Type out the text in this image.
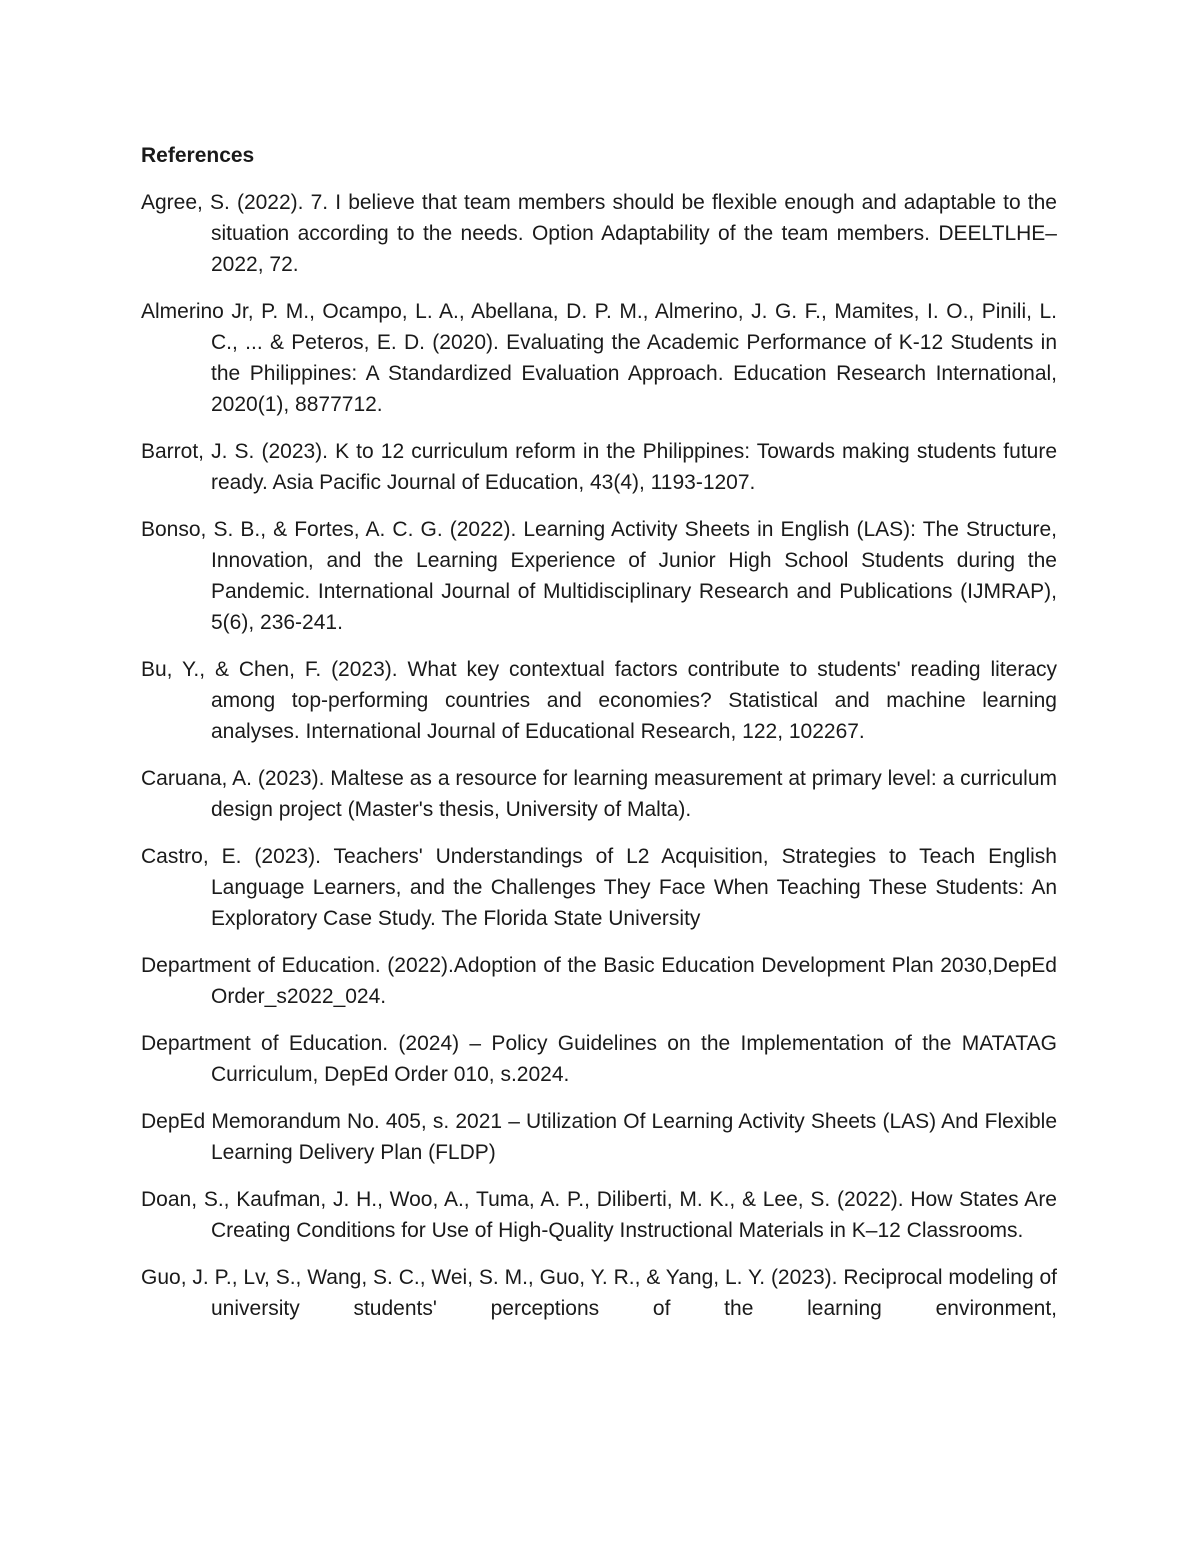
References
Agree, S. (2022). 7. I believe that team members should be flexible enough and adaptable to the situation according to the needs. Option Adaptability of the team members. DEELTLHE–2022, 72.
Almerino Jr, P. M., Ocampo, L. A., Abellana, D. P. M., Almerino, J. G. F., Mamites, I. O., Pinili, L. C., ... & Peteros, E. D. (2020). Evaluating the Academic Performance of K-12 Students in the Philippines: A Standardized Evaluation Approach. Education Research International, 2020(1), 8877712.
Barrot, J. S. (2023). K to 12 curriculum reform in the Philippines: Towards making students future ready. Asia Pacific Journal of Education, 43(4), 1193-1207.
Bonso, S. B., & Fortes, A. C. G. (2022). Learning Activity Sheets in English (LAS): The Structure, Innovation, and the Learning Experience of Junior High School Students during the Pandemic. International Journal of Multidisciplinary Research and Publications (IJMRAP), 5(6), 236-241.
Bu, Y., & Chen, F. (2023). What key contextual factors contribute to students' reading literacy among top-performing countries and economies? Statistical and machine learning analyses. International Journal of Educational Research, 122, 102267.
Caruana, A. (2023). Maltese as a resource for learning measurement at primary level: a curriculum design project (Master's thesis, University of Malta).
Castro, E. (2023). Teachers' Understandings of L2 Acquisition, Strategies to Teach English Language Learners, and the Challenges They Face When Teaching These Students: An Exploratory Case Study. The Florida State University
Department of Education. (2022).Adoption of the Basic Education Development Plan 2030,DepEd Order_s2022_024.
Department of Education. (2024) – Policy Guidelines on the Implementation of the MATATAG Curriculum, DepEd Order 010, s.2024.
DepEd Memorandum No. 405, s. 2021 – Utilization Of Learning Activity Sheets (LAS) And Flexible Learning Delivery Plan (FLDP)
Doan, S., Kaufman, J. H., Woo, A., Tuma, A. P., Diliberti, M. K., & Lee, S. (2022). How States Are Creating Conditions for Use of High-Quality Instructional Materials in K–12 Classrooms.
Guo, J. P., Lv, S., Wang, S. C., Wei, S. M., Guo, Y. R., & Yang, L. Y. (2023). Reciprocal modeling of university students' perceptions of the learning environment,
